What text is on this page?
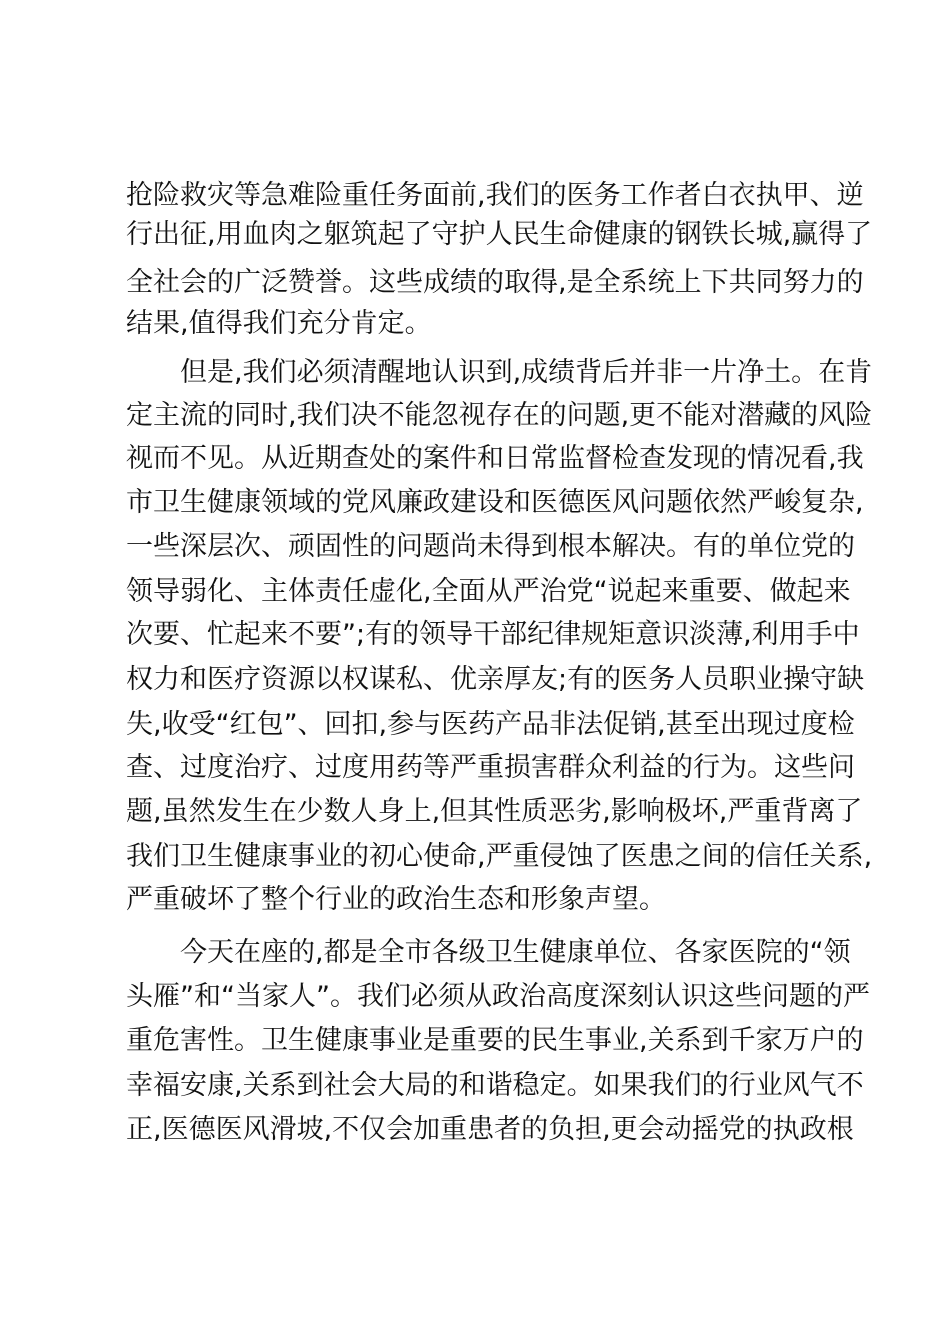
抢险救灾等急难险重任务面前,我们的医务工作者白衣执甲、逆
行出征,用血肉之躯筑起了守护人民生命健康的钢铁长城,赢得了
全社会的广泛赞誉。这些成绩的取得,是全系统上下共同努力的
结果,值得我们充分肯定。
但是,我们必须清醒地认识到,成绩背后并非一片净土。在肯
定主流的同时,我们决不能忽视存在的问题,更不能对潜藏的风险
视而不见。从近期查处的案件和日常监督检查发现的情况看,我
市卫生健康领域的党风廉政建设和医德医风问题依然严峻复杂,
一些深层次、顽固性的问题尚未得到根本解决。有的单位党的
领导弱化、主体责任虚化,全面从严治党“说起来重要、做起来
次要、忙起来不要”;有的领导干部纪律规矩意识淡薄,利用手中
权力和医疗资源以权谋私、优亲厚友;有的医务人员职业操守缺
失,收受“红包”、回扣,参与医药产品非法促销,甚至出现过度检
查、过度治疗、过度用药等严重损害群众利益的行为。这些问
题,虽然发生在少数人身上,但其性质恶劣,影响极坏,严重背离了
我们卫生健康事业的初心使命,严重侵蚀了医患之间的信任关系,
严重破坏了整个行业的政治生态和形象声望。
今天在座的,都是全市各级卫生健康单位、各家医院的“领
头雁”和“当家人”。我们必须从政治高度深刻认识这些问题的严
重危害性。卫生健康事业是重要的民生事业,关系到千家万户的
幸福安康,关系到社会大局的和谐稳定。如果我们的行业风气不
正,医德医风滑坡,不仅会加重患者的负担,更会动摇党的执政根
